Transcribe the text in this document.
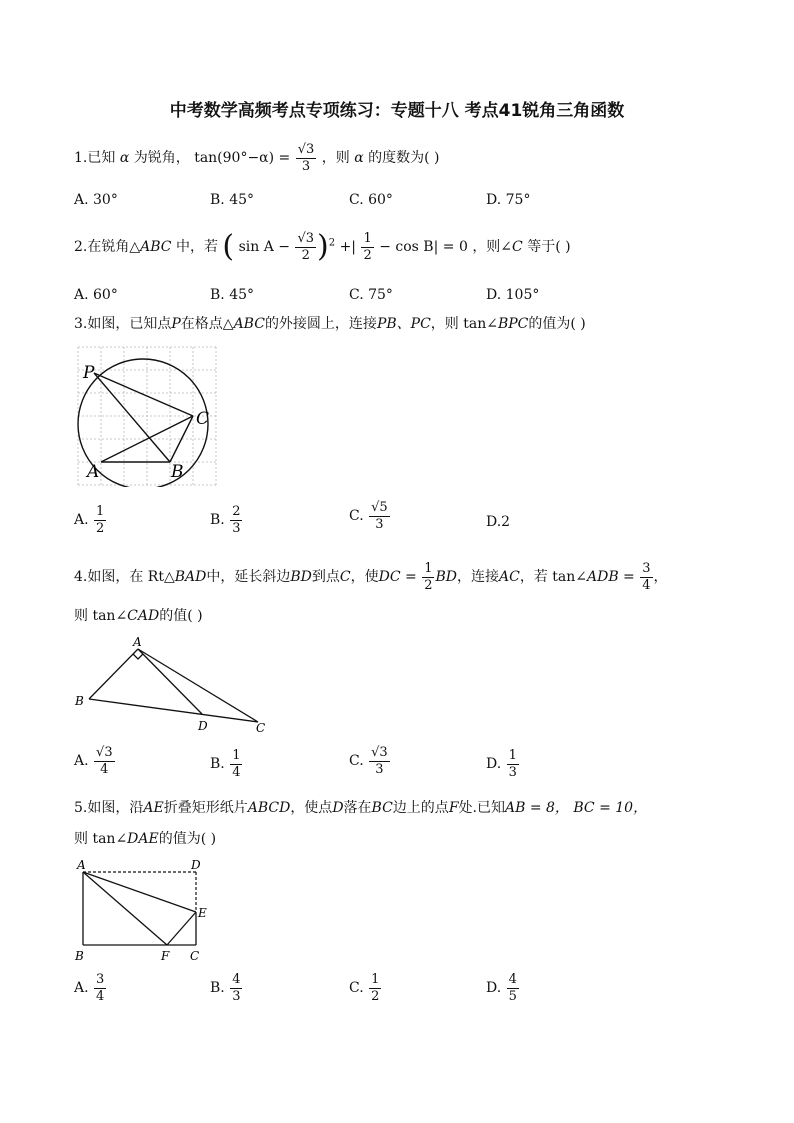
中考数学高频考点专项练习：专题十八 考点41锐角三角函数
1.已知 α 为锐角， $\tan(90^\circ-\alpha) = \frac{√3}{3}$ ，则 α 的度数为( )
A. 30°	B. 45°	C. 60°	D. 75°
2.在锐角△ABC 中，若 ( $\sin A - \frac{√3}{2} )^2$ +| $\frac{1}{2} - \cos B| = 0$ ，则∠C 等于( )
A. 60°	B. 45°	C. 75°	D. 105°
3.如图，已知点P在格点△ABC的外接圆上，连接PB、PC，则 tan∠BPC的值为( )
P
C
A	B
A. $\frac{1}{2}$	B. $\frac{2}{3}$	C. $\frac{√5}{3}$	D.2
4.如图，在 Rt△BAD中，延长斜边BD到点C，使DC = $\frac{1}{2}$ BD，连接AC，若 tan∠ADB = $\frac{3}{4}$ ，
则 tan∠CAD的值( )
A
B
D	C
A. $\frac{√3}{4}$	B. $\frac{1}{4}$	C. $\frac{√3}{3}$	D. $\frac{1}{3}$
5.如图，沿AE折叠矩形纸片ABCD，使点D落在BC边上的点F处.已知AB = 8， BC = 10，
则 tan∠DAE的值为( )
A	D
E
B	F C
A. $\frac{3}{4}$	B. $\frac{4}{3}$	C. $\frac{1}{2}$	D. $\frac{4}{5}$
